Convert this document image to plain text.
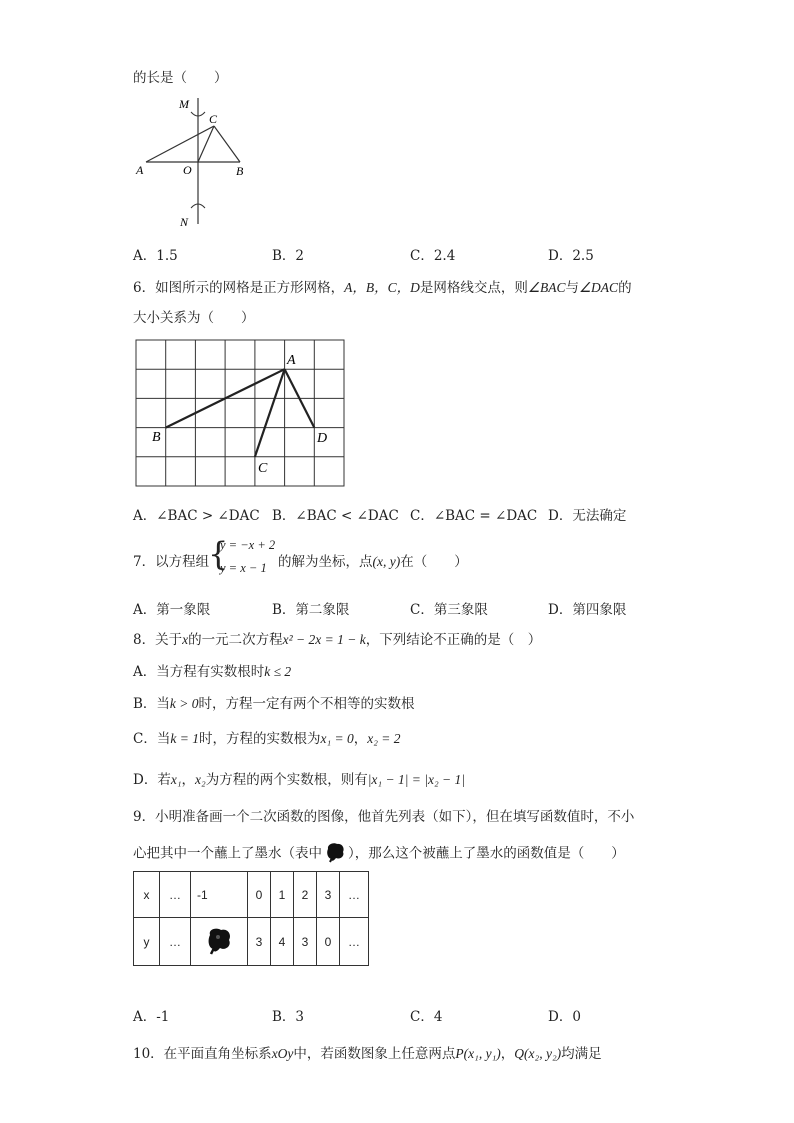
的长是（　　）
M
C
A	O	B
N
A．1.5	B．2	C．2.4	D．2.5
6．如图所示的网格是正方形网格，A，B，C，D是网格线交点，则∠BAC与∠DAC的
大小关系为（　　）
A
B
C
D
A．∠BAC > ∠DAC B．∠BAC < ∠DAC C．∠BAC = ∠DAC D．无法确定
7．以方程组
{
y = −x + 2
y = x − 1 的解为坐标，点(x, y)在（　　）
A．第一象限	B．第二象限	C．第三象限	D．第四象限
8．关于x的一元二次方程x² − 2x = 1 − k，下列结论不正确的是（　）
A．当方程有实数根时k ≤ 2
B．当k > 0时，方程一定有两个不相等的实数根
C．当k = 1时，方程的实数根为x₁ = 0，x₂ = 2
D．若x₁，x₂为方程的两个实数根，则有|x₁ − 1| = |x₂ − 1|
9．小明准备画一个二次函数的图像，他首先列表（如下），但在填写函数值时，不小
心把其中一个蘸上了墨水（表中 ），那么这个被蘸上了墨水的函数值是（　　）
x	…	-1	0	1	2	3	…
y	…		3	4	3	0	…
A．-1	B．3	C．4	D．0
10．在平面直角坐标系xOy中，若函数图象上任意两点P(x₁, y₁)，Q(x₂, y₂)均满足
